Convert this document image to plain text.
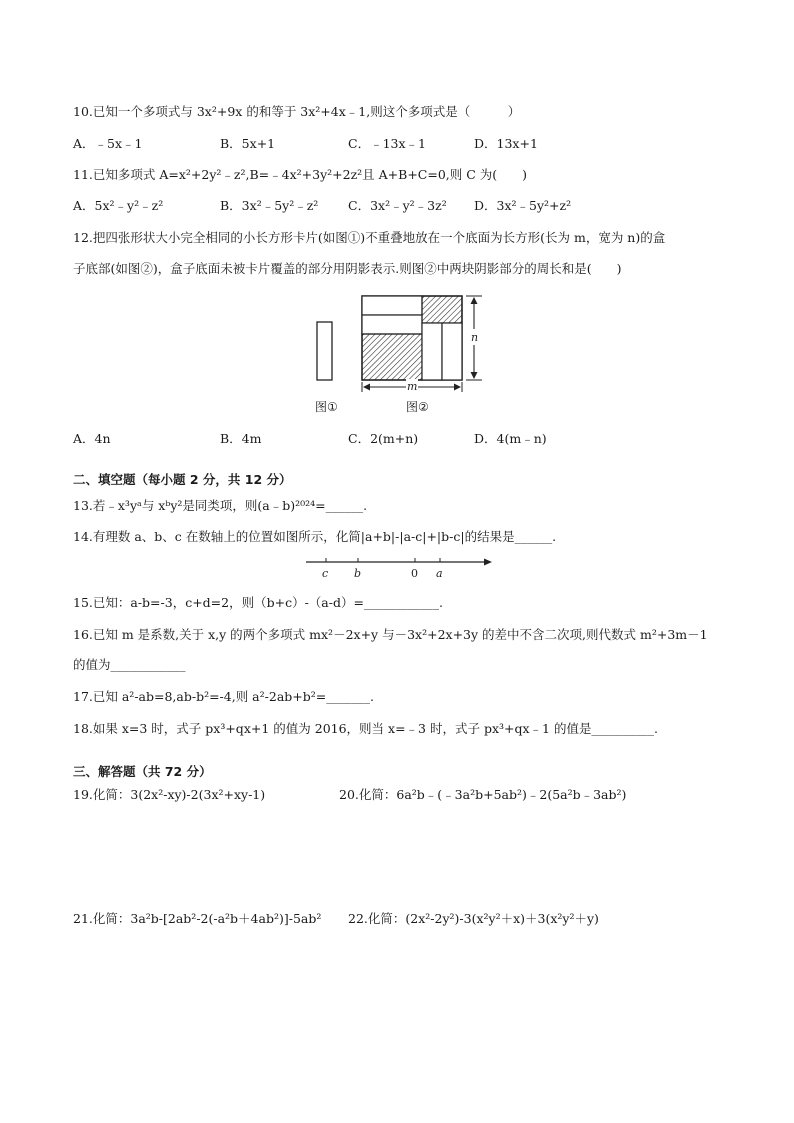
10.已知一个多项式与 3x²+9x 的和等于 3x²+4x﹣1,则这个多项式是（　　　）
A．﹣5x﹣1	B．5x+1	C．﹣13x﹣1	D．13x+1
11.已知多项式 A=x²+2y²﹣z²,B=﹣4x²+3y²+2z²且 A+B+C=0,则 C 为(　　)
A．5x²﹣y²﹣z²	B．3x²﹣5y²﹣z² C．3x²﹣y²﹣3z² D．3x²﹣5y²+z²
12.把四张形状大小完全相同的小长方形卡片(如图①)不重叠地放在一个底面为长方形(长为 m，宽为 n)的盒
子底部(如图②)，盒子底面未被卡片覆盖的部分用阴影表示.则图②中两块阴影部分的周长和是(　　)
图①
n
m
图②
A．4n	B．4m	C．2(m+n)	D．4(m﹣n)
二、填空题（每小题 2 分，共 12 分）
13.若﹣x³yᵃ与 xᵇy²是同类项，则(a﹣b)²⁰²⁴=______.
14.有理数 a、b、c 在数轴上的位置如图所示，化简|a+b|-|a-c|+|b-c|的结果是______.
c b	0 a
15.已知：a-b=-3，c+d=2，则（b+c）-（a-d）=____________.
16.已知 m 是系数,关于 x,y 的两个多项式 mx²－2x+y 与－3x²+2x+3y 的差中不含二次项,则代数式 m²+3m－1
的值为____________
17.已知 a²-ab=8,ab-b²=-4,则 a²-2ab+b²=_______.
18.如果 x=3 时，式子 px³+qx+1 的值为 2016，则当 x=﹣3 时，式子 px³+qx﹣1 的值是__________.
三、解答题（共 72 分）
19.化简：3(2x²-xy)-2(3x²+xy-1)	20.化简：6a²b﹣(﹣3a²b+5ab²)﹣2(5a²b﹣3ab²)
21.化简：3a²b-[2ab²-2(-a²b＋4ab²)]-5ab² 22.化简：(2x²-2y²)-3(x²y²＋x)＋3(x²y²＋y)
